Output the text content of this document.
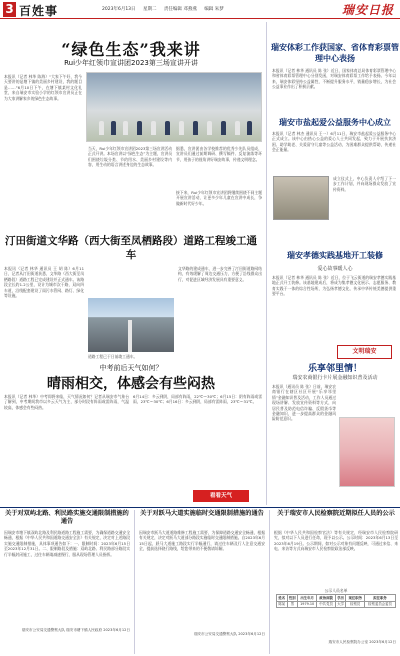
3 百姓事	2023年6月13日 星期二 责任编辑 邓燕燕 编辑 朱梦	瑞安日报
“绿色生态”我来讲
Rui少年红领巾宣讲团2023第三场宣讲开讲
本报讯（记者 林华 陈海）“大家下午好，我今天要讲的是塘下镇的美丽乡村建设，我的题目是……”6月10日下午，在塘下镇某村文化礼堂，来自瑞安市实验小学的红领巾宣讲员正在为大家讲解家乡的绿色生态故事。
当天，Rui少年红领巾宣讲团2023第三场宣讲活动正式开讲。本场宣讲以“绿色生态”为主题，宣讲员们围绕垃圾分类、节约用水、美丽乡村建设等内容，用生动的语言讲述身边的生态故事。
据悉，宣讲团由各学校推荐的优秀少先队员组成，宣讲员们通过前期调研、撰写稿件、反复演练等环节，用孩子的视角讲好瑞安故事，传递文明理念。
接下来，Rui少年红领巾宣讲团将继续围绕不同主题开展宣讲活动，让更多少年儿童在宣讲中成长，争做新时代好少年。
瑞安体彩工作获国家、省体育彩票管理中心表扬
本报讯（记者 林华 通讯员 陈 张）近日，国家体育总局体育彩票管理中心和省体育彩票管理中心分别发函，对瑞安体育彩票工作给予表扬。今年以来，瑞安体彩坚持公益属性，不断提升服务水平，销量稳步增长，为社会公益事业作出了积极贡献。
瑞安市盐起爱公益服务中心成立
本报讯（记者 林杰 通讯员 王一）6月11日，瑞安市盐起爱公益服务中心正式成立。该中心由热心公益的爱心人士共同发起，致力于开展扶贫济困、助学助老、关爱留守儿童等公益活动，为困难群众提供帮助，传递社会正能量。
成立仪式上，中心负责人介绍了下一步工作计划，并向现场群众发放了宣传资料。
汀田街道文华路（西大街至凤栖路段）道路工程竣工通车
本报讯（记者 林华 通讯员 王 胡 陈）6月11日，记者从汀田街道获悉，文华路（西大街至凤栖路段）道路工程已完成建设并正式通车。该路段全长约1.2公里，设计为城市次干路，双向四车道，沿线配套建设了雨污水管网、路灯、绿化等设施。
道路工程已于日前竣工通车。
文华路的建成通车，进一步完善了汀田街道路网结构，有效缓解了周边交通压力，方便了沿线群众出行，对促进区域经济发展具有重要意义。
瑞安孝德实践基地开工装修
爱心故事暖人心
本报讯（记者 林华 通讯员 陈 张）近日，位于飞云街道的瑞安孝德实践基地正式开工装修。该基地建成后，将成为集孝德文化展示、志愿服务、教育实践于一体的综合性场所，为弘扬孝德文化、传承中华传统美德提供重要平台。
文明瑞安
中考前后天气如何？
晴雨相交，体感会有些闷热
本报讯（记者 林华）中考即将来临，天气情况如何？记者从瑞安市气象台了解到，中考期间我市以多云天气为主，部分时段有阵雨或雷阵雨，气温较高，体感会有些闷热。
6月14日：多云到阴，局部有阵雨，22℃～30℃；6月15日：阴有阵雨或雷雨，23℃～30℃；6月16日：多云到阴，局部有雷阵雨，23℃～31℃。
看看天气
乐享邻里情！
瑞安农商银行卡片展金融知识普及活动
本报讯（通讯员 陈 张）日前，瑞安农商银行在辖区社区开展“乐享邻里情”金融知识普及活动，工作人员通过现场讲解、发放宣传资料等方式，向居民普及防范电信诈骗、反假货币等金融知识，进一步提高群众的金融风险防范意识。
关于对双屿北路、利民路实施交通限制措施的通告
因瑞安市塘下镇双屿北路及利民路道路工程施工需要，为确保道路交通安全畅通，根据《中华人民共和国道路交通安全法》有关规定，决定对上述路段实施交通限制措施，具体事项通告如下：一、限制时间：2023年6月15日至2023年12月31日。二、限制路段及措施：双屿北路、利民路部分路段实行半幅封闭施工，过往车辆请减速慢行，服从现场管理人员指挥。
瑞安市公安局交通警察大队 瑞安市塘下镇人民政府 2023年6月12日
关于对跃马大道实施临时交通限制措施的通告
因瑞安市跃马大道道路维修工程施工需要，为保障道路交通安全畅通，根据有关规定，决定对跃马大道部分路段实施临时交通限制措施。自2023年6月15日起，跃马大道施工路段实行半幅通行，请过往车辆及行人注意交通安全，提前选择绕行路线，给您带来的不便敬请谅解。
瑞安市公安局交通警察大队 2023年6月12日
关于瑞安市人民检察院近期拟任人员的公示
根据《中华人民共和国检察官法》等有关规定，经瑞安市人民检察院研究，拟对以下人员进行任命，现予以公示。公示时间：2023年6月13日至2023年6月19日。公示期间，如对公示对象有问题反映，可通过来信、来电、来访等方式向瑞安市人民检察院政治部反映。
公示人员名单
姓名	性别	出生年月	政治面貌	学历	现任职务	拟任职务
陈某	男	1979.10	中共党员	大学	检察员	检察委员会委员
瑞安市人民检察院办公室 2023年6月12日
